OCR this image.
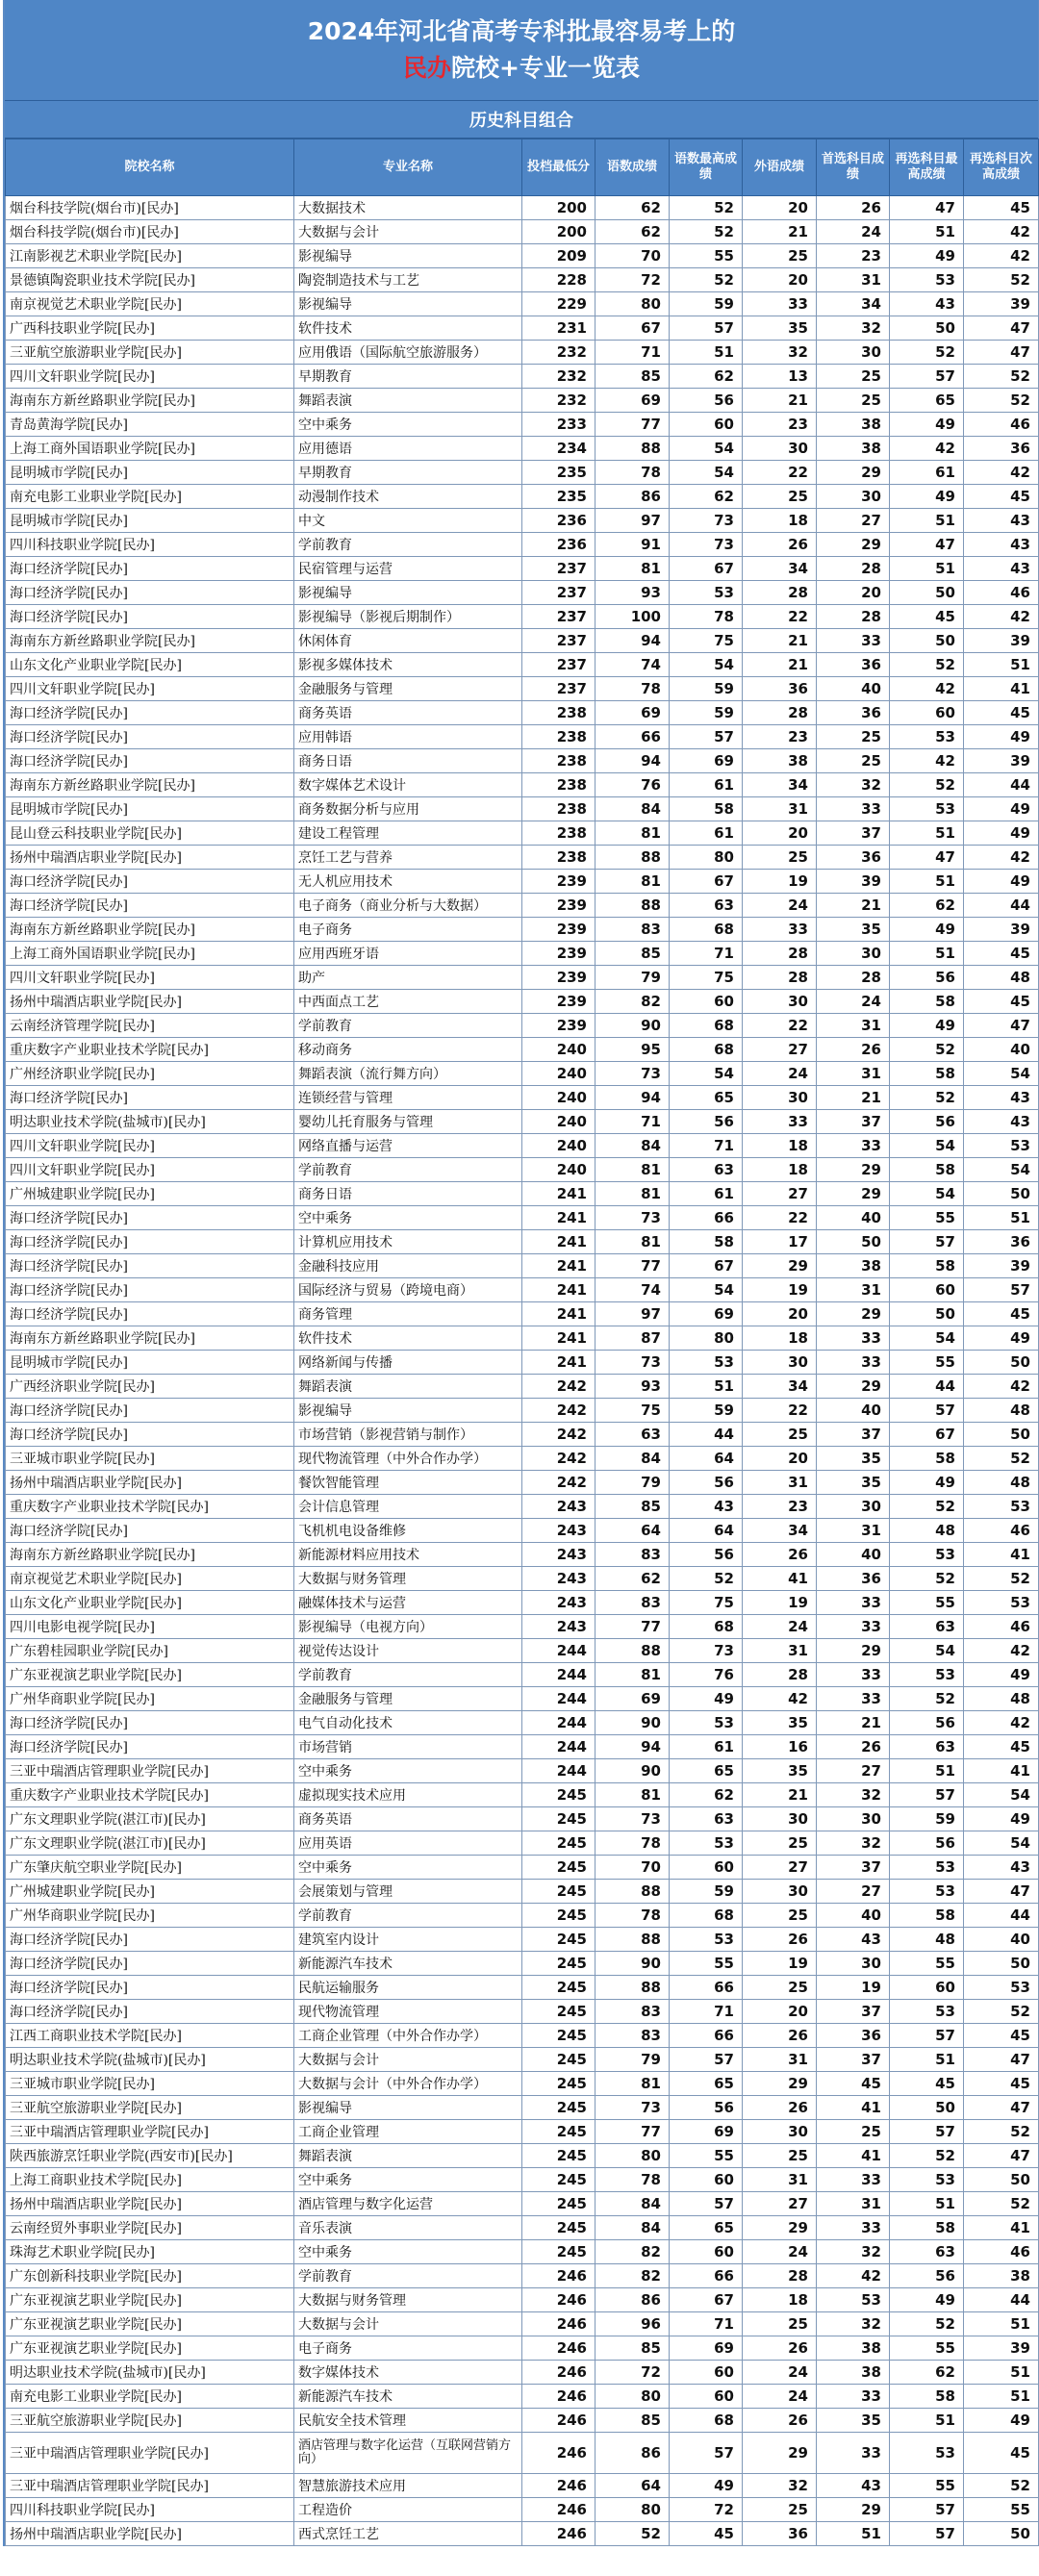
2024年河北省高考专科批最容易考上的
民办院校+专业一览表
历史科目组合
院校名称	专业名称	投档最低分	语数成绩	语数最高成绩	外语成绩	首选科目成绩	再选科目最高成绩	再选科目次高成绩
烟台科技学院(烟台市)[民办]	大数据技术	200	62	52	20	26	47	45
烟台科技学院(烟台市)[民办]	大数据与会计	200	62	52	21	24	51	42
江南影视艺术职业学院[民办]	影视编导	209	70	55	25	23	49	42
景德镇陶瓷职业技术学院[民办]	陶瓷制造技术与工艺	228	72	52	20	31	53	52
南京视觉艺术职业学院[民办]	影视编导	229	80	59	33	34	43	39
广西科技职业学院[民办]	软件技术	231	67	57	35	32	50	47
三亚航空旅游职业学院[民办]	应用俄语（国际航空旅游服务）	232	71	51	32	30	52	47
四川文轩职业学院[民办]	早期教育	232	85	62	13	25	57	52
海南东方新丝路职业学院[民办]	舞蹈表演	232	69	56	21	25	65	52
青岛黄海学院[民办]	空中乘务	233	77	60	23	38	49	46
上海工商外国语职业学院[民办]	应用德语	234	88	54	30	38	42	36
昆明城市学院[民办]	早期教育	235	78	54	22	29	61	42
南充电影工业职业学院[民办]	动漫制作技术	235	86	62	25	30	49	45
昆明城市学院[民办]	中文	236	97	73	18	27	51	43
四川科技职业学院[民办]	学前教育	236	91	73	26	29	47	43
海口经济学院[民办]	民宿管理与运营	237	81	67	34	28	51	43
海口经济学院[民办]	影视编导	237	93	53	28	20	50	46
海口经济学院[民办]	影视编导（影视后期制作）	237	100	78	22	28	45	42
海南东方新丝路职业学院[民办]	休闲体育	237	94	75	21	33	50	39
山东文化产业职业学院[民办]	影视多媒体技术	237	74	54	21	36	52	51
四川文轩职业学院[民办]	金融服务与管理	237	78	59	36	40	42	41
海口经济学院[民办]	商务英语	238	69	59	28	36	60	45
海口经济学院[民办]	应用韩语	238	66	57	23	25	53	49
海口经济学院[民办]	商务日语	238	94	69	38	25	42	39
海南东方新丝路职业学院[民办]	数字媒体艺术设计	238	76	61	34	32	52	44
昆明城市学院[民办]	商务数据分析与应用	238	84	58	31	33	53	49
昆山登云科技职业学院[民办]	建设工程管理	238	81	61	20	37	51	49
扬州中瑞酒店职业学院[民办]	烹饪工艺与营养	238	88	80	25	36	47	42
海口经济学院[民办]	无人机应用技术	239	81	67	19	39	51	49
海口经济学院[民办]	电子商务（商业分析与大数据）	239	88	63	24	21	62	44
海南东方新丝路职业学院[民办]	电子商务	239	83	68	33	35	49	39
上海工商外国语职业学院[民办]	应用西班牙语	239	85	71	28	30	51	45
四川文轩职业学院[民办]	助产	239	79	75	28	28	56	48
扬州中瑞酒店职业学院[民办]	中西面点工艺	239	82	60	30	24	58	45
云南经济管理学院[民办]	学前教育	239	90	68	22	31	49	47
重庆数字产业职业技术学院[民办]	移动商务	240	95	68	27	26	52	40
广州经济职业学院[民办]	舞蹈表演（流行舞方向）	240	73	54	24	31	58	54
海口经济学院[民办]	连锁经营与管理	240	94	65	30	21	52	43
明达职业技术学院(盐城市)[民办]	婴幼儿托育服务与管理	240	71	56	33	37	56	43
四川文轩职业学院[民办]	网络直播与运营	240	84	71	18	33	54	53
四川文轩职业学院[民办]	学前教育	240	81	63	18	29	58	54
广州城建职业学院[民办]	商务日语	241	81	61	27	29	54	50
海口经济学院[民办]	空中乘务	241	73	66	22	40	55	51
海口经济学院[民办]	计算机应用技术	241	81	58	17	50	57	36
海口经济学院[民办]	金融科技应用	241	77	67	29	38	58	39
海口经济学院[民办]	国际经济与贸易（跨境电商）	241	74	54	19	31	60	57
海口经济学院[民办]	商务管理	241	97	69	20	29	50	45
海南东方新丝路职业学院[民办]	软件技术	241	87	80	18	33	54	49
昆明城市学院[民办]	网络新闻与传播	241	73	53	30	33	55	50
广西经济职业学院[民办]	舞蹈表演	242	93	51	34	29	44	42
海口经济学院[民办]	影视编导	242	75	59	22	40	57	48
海口经济学院[民办]	市场营销（影视营销与制作）	242	63	44	25	37	67	50
三亚城市职业学院[民办]	现代物流管理（中外合作办学）	242	84	64	20	35	58	52
扬州中瑞酒店职业学院[民办]	餐饮智能管理	242	79	56	31	35	49	48
重庆数字产业职业技术学院[民办]	会计信息管理	243	85	43	23	30	52	53
海口经济学院[民办]	飞机机电设备维修	243	64	64	34	31	48	46
海南东方新丝路职业学院[民办]	新能源材料应用技术	243	83	56	26	40	53	41
南京视觉艺术职业学院[民办]	大数据与财务管理	243	62	52	41	36	52	52
山东文化产业职业学院[民办]	融媒体技术与运营	243	83	75	19	33	55	53
四川电影电视学院[民办]	影视编导（电视方向）	243	77	68	24	33	63	46
广东碧桂园职业学院[民办]	视觉传达设计	244	88	73	31	29	54	42
广东亚视演艺职业学院[民办]	学前教育	244	81	76	28	33	53	49
广州华商职业学院[民办]	金融服务与管理	244	69	49	42	33	52	48
海口经济学院[民办]	电气自动化技术	244	90	53	35	21	56	42
海口经济学院[民办]	市场营销	244	94	61	16	26	63	45
三亚中瑞酒店管理职业学院[民办]	空中乘务	244	90	65	35	27	51	41
重庆数字产业职业技术学院[民办]	虚拟现实技术应用	245	81	62	21	32	57	54
广东文理职业学院(湛江市)[民办]	商务英语	245	73	63	30	30	59	49
广东文理职业学院(湛江市)[民办]	应用英语	245	78	53	25	32	56	54
广东肇庆航空职业学院[民办]	空中乘务	245	70	60	27	37	53	43
广州城建职业学院[民办]	会展策划与管理	245	88	59	30	27	53	47
广州华商职业学院[民办]	学前教育	245	78	68	25	40	58	44
海口经济学院[民办]	建筑室内设计	245	88	53	26	43	48	40
海口经济学院[民办]	新能源汽车技术	245	90	55	19	30	55	50
海口经济学院[民办]	民航运输服务	245	88	66	25	19	60	53
海口经济学院[民办]	现代物流管理	245	83	71	20	37	53	52
江西工商职业技术学院[民办]	工商企业管理（中外合作办学）	245	83	66	26	36	57	45
明达职业技术学院(盐城市)[民办]	大数据与会计	245	79	57	31	37	51	47
三亚城市职业学院[民办]	大数据与会计（中外合作办学）	245	81	65	29	45	45	45
三亚航空旅游职业学院[民办]	影视编导	245	73	56	26	41	50	47
三亚中瑞酒店管理职业学院[民办]	工商企业管理	245	77	69	30	25	57	52
陕西旅游烹饪职业学院(西安市)[民办]	舞蹈表演	245	80	55	25	41	52	47
上海工商职业技术学院[民办]	空中乘务	245	78	60	31	33	53	50
扬州中瑞酒店职业学院[民办]	酒店管理与数字化运营	245	84	57	27	31	51	52
云南经贸外事职业学院[民办]	音乐表演	245	84	65	29	33	58	41
珠海艺术职业学院[民办]	空中乘务	245	82	60	24	32	63	46
广东创新科技职业学院[民办]	学前教育	246	82	66	28	42	56	38
广东亚视演艺职业学院[民办]	大数据与财务管理	246	86	67	18	53	49	44
广东亚视演艺职业学院[民办]	大数据与会计	246	96	71	25	32	52	51
广东亚视演艺职业学院[民办]	电子商务	246	85	69	26	38	55	39
明达职业技术学院(盐城市)[民办]	数字媒体技术	246	72	60	24	38	62	51
南充电影工业职业学院[民办]	新能源汽车技术	246	80	60	24	33	58	51
三亚航空旅游职业学院[民办]	民航安全技术管理	246	85	68	26	35	51	49
三亚中瑞酒店管理职业学院[民办]	酒店管理与数字化运营（互联网营销方向）	246	86	57	29	33	53	45
三亚中瑞酒店管理职业学院[民办]	智慧旅游技术应用	246	64	49	32	43	55	52
四川科技职业学院[民办]	工程造价	246	80	72	25	29	57	55
扬州中瑞酒店职业学院[民办]	西式烹饪工艺	246	52	45	36	51	57	50
